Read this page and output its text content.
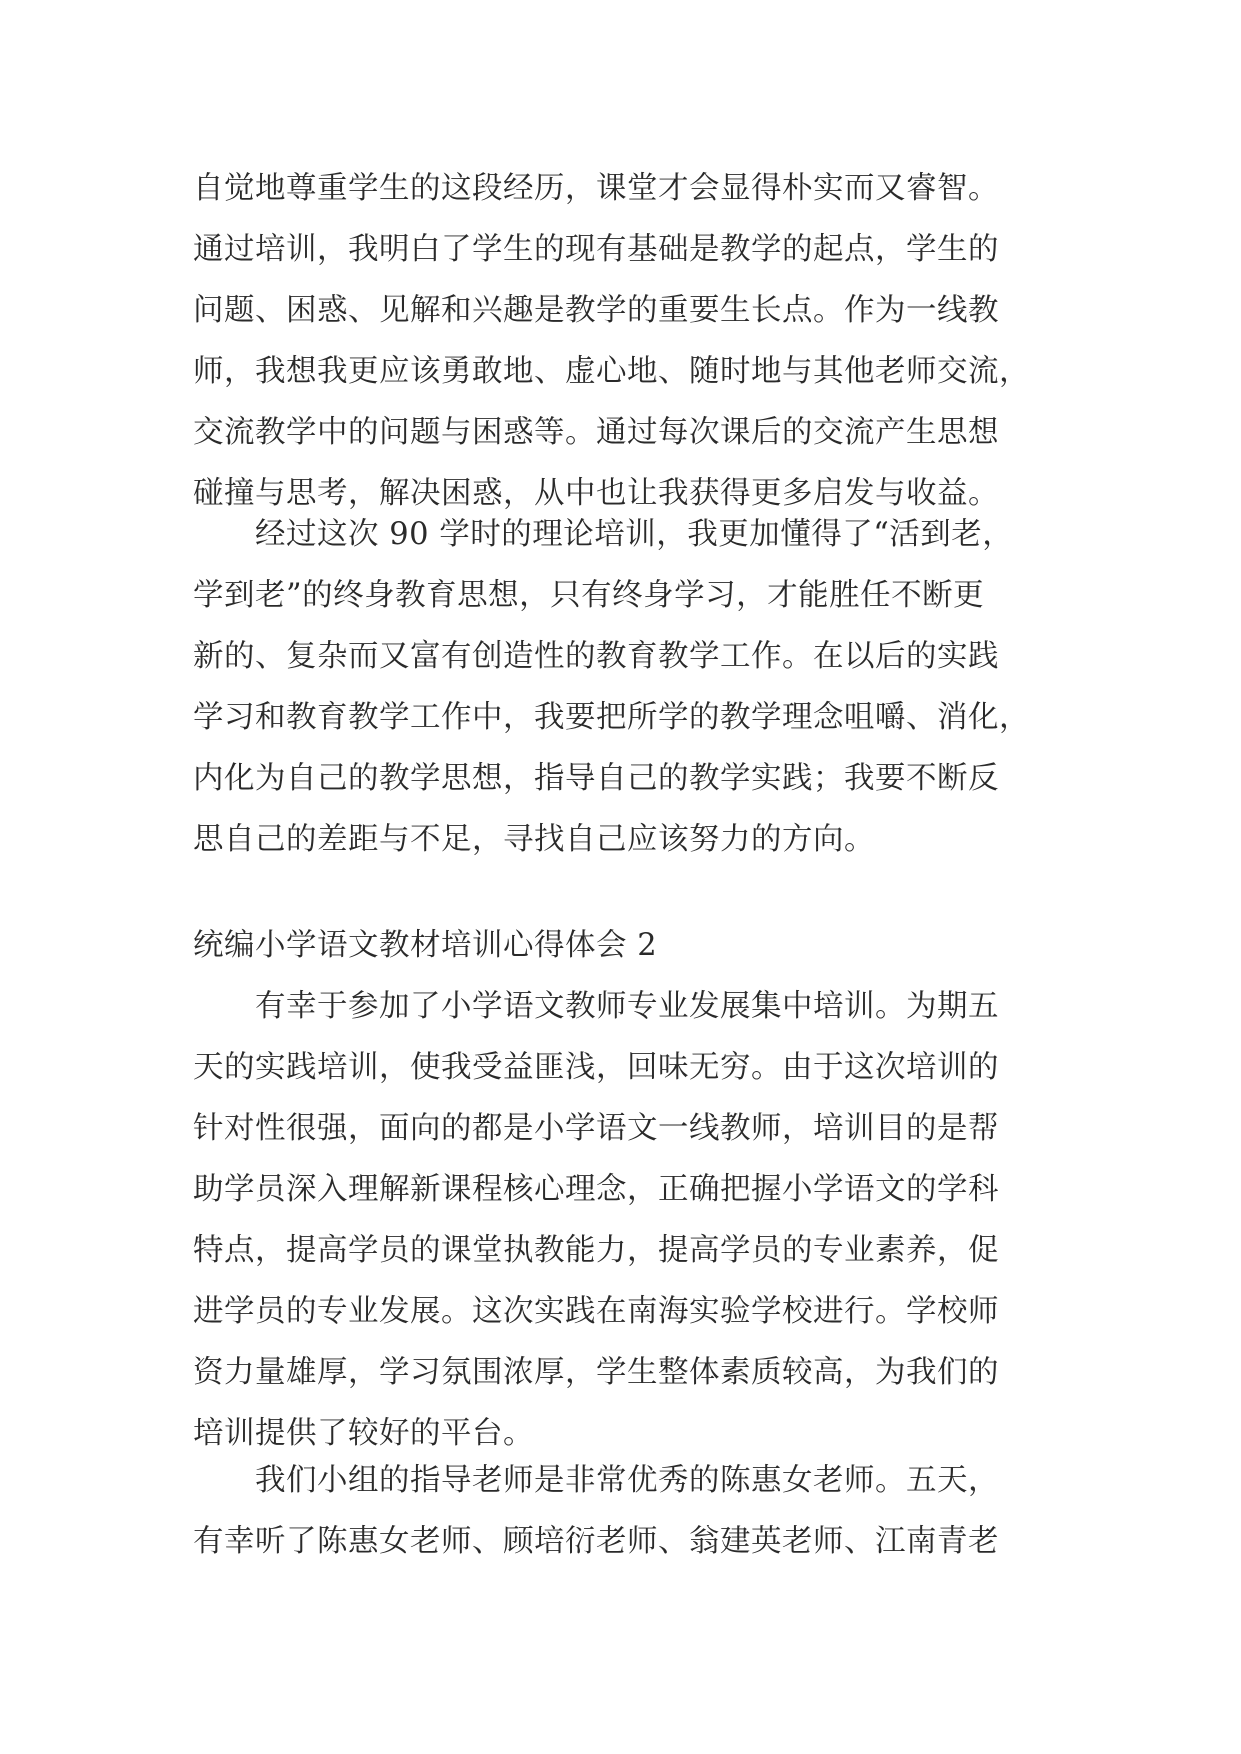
自觉地尊重学生的这段经历，课堂才会显得朴实而又睿智。
通过培训，我明白了学生的现有基础是教学的起点，学生的
问题、困惑、见解和兴趣是教学的重要生长点。作为一线教
师，我想我更应该勇敢地、虚心地、随时地与其他老师交流，
交流教学中的问题与困惑等。通过每次课后的交流产生思想
碰撞与思考，解决困惑，从中也让我获得更多启发与收益。
　　经过这次 90 学时的理论培训，我更加懂得了“活到老，
学到老”的终身教育思想，只有终身学习，才能胜任不断更
新的、复杂而又富有创造性的教育教学工作。在以后的实践
学习和教育教学工作中，我要把所学的教学理念咀嚼、消化，
内化为自己的教学思想，指导自己的教学实践；我要不断反
思自己的差距与不足，寻找自己应该努力的方向。
统编小学语文教材培训心得体会 2
　　有幸于参加了小学语文教师专业发展集中培训。为期五
天的实践培训，使我受益匪浅，回味无穷。由于这次培训的
针对性很强，面向的都是小学语文一线教师，培训目的是帮
助学员深入理解新课程核心理念，正确把握小学语文的学科
特点，提高学员的课堂执教能力，提高学员的专业素养，促
进学员的专业发展。这次实践在南海实验学校进行。学校师
资力量雄厚，学习氛围浓厚，学生整体素质较高，为我们的
培训提供了较好的平台。
　　我们小组的指导老师是非常优秀的陈惠女老师。五天，
有幸听了陈惠女老师、顾培衍老师、翁建英老师、江南青老
